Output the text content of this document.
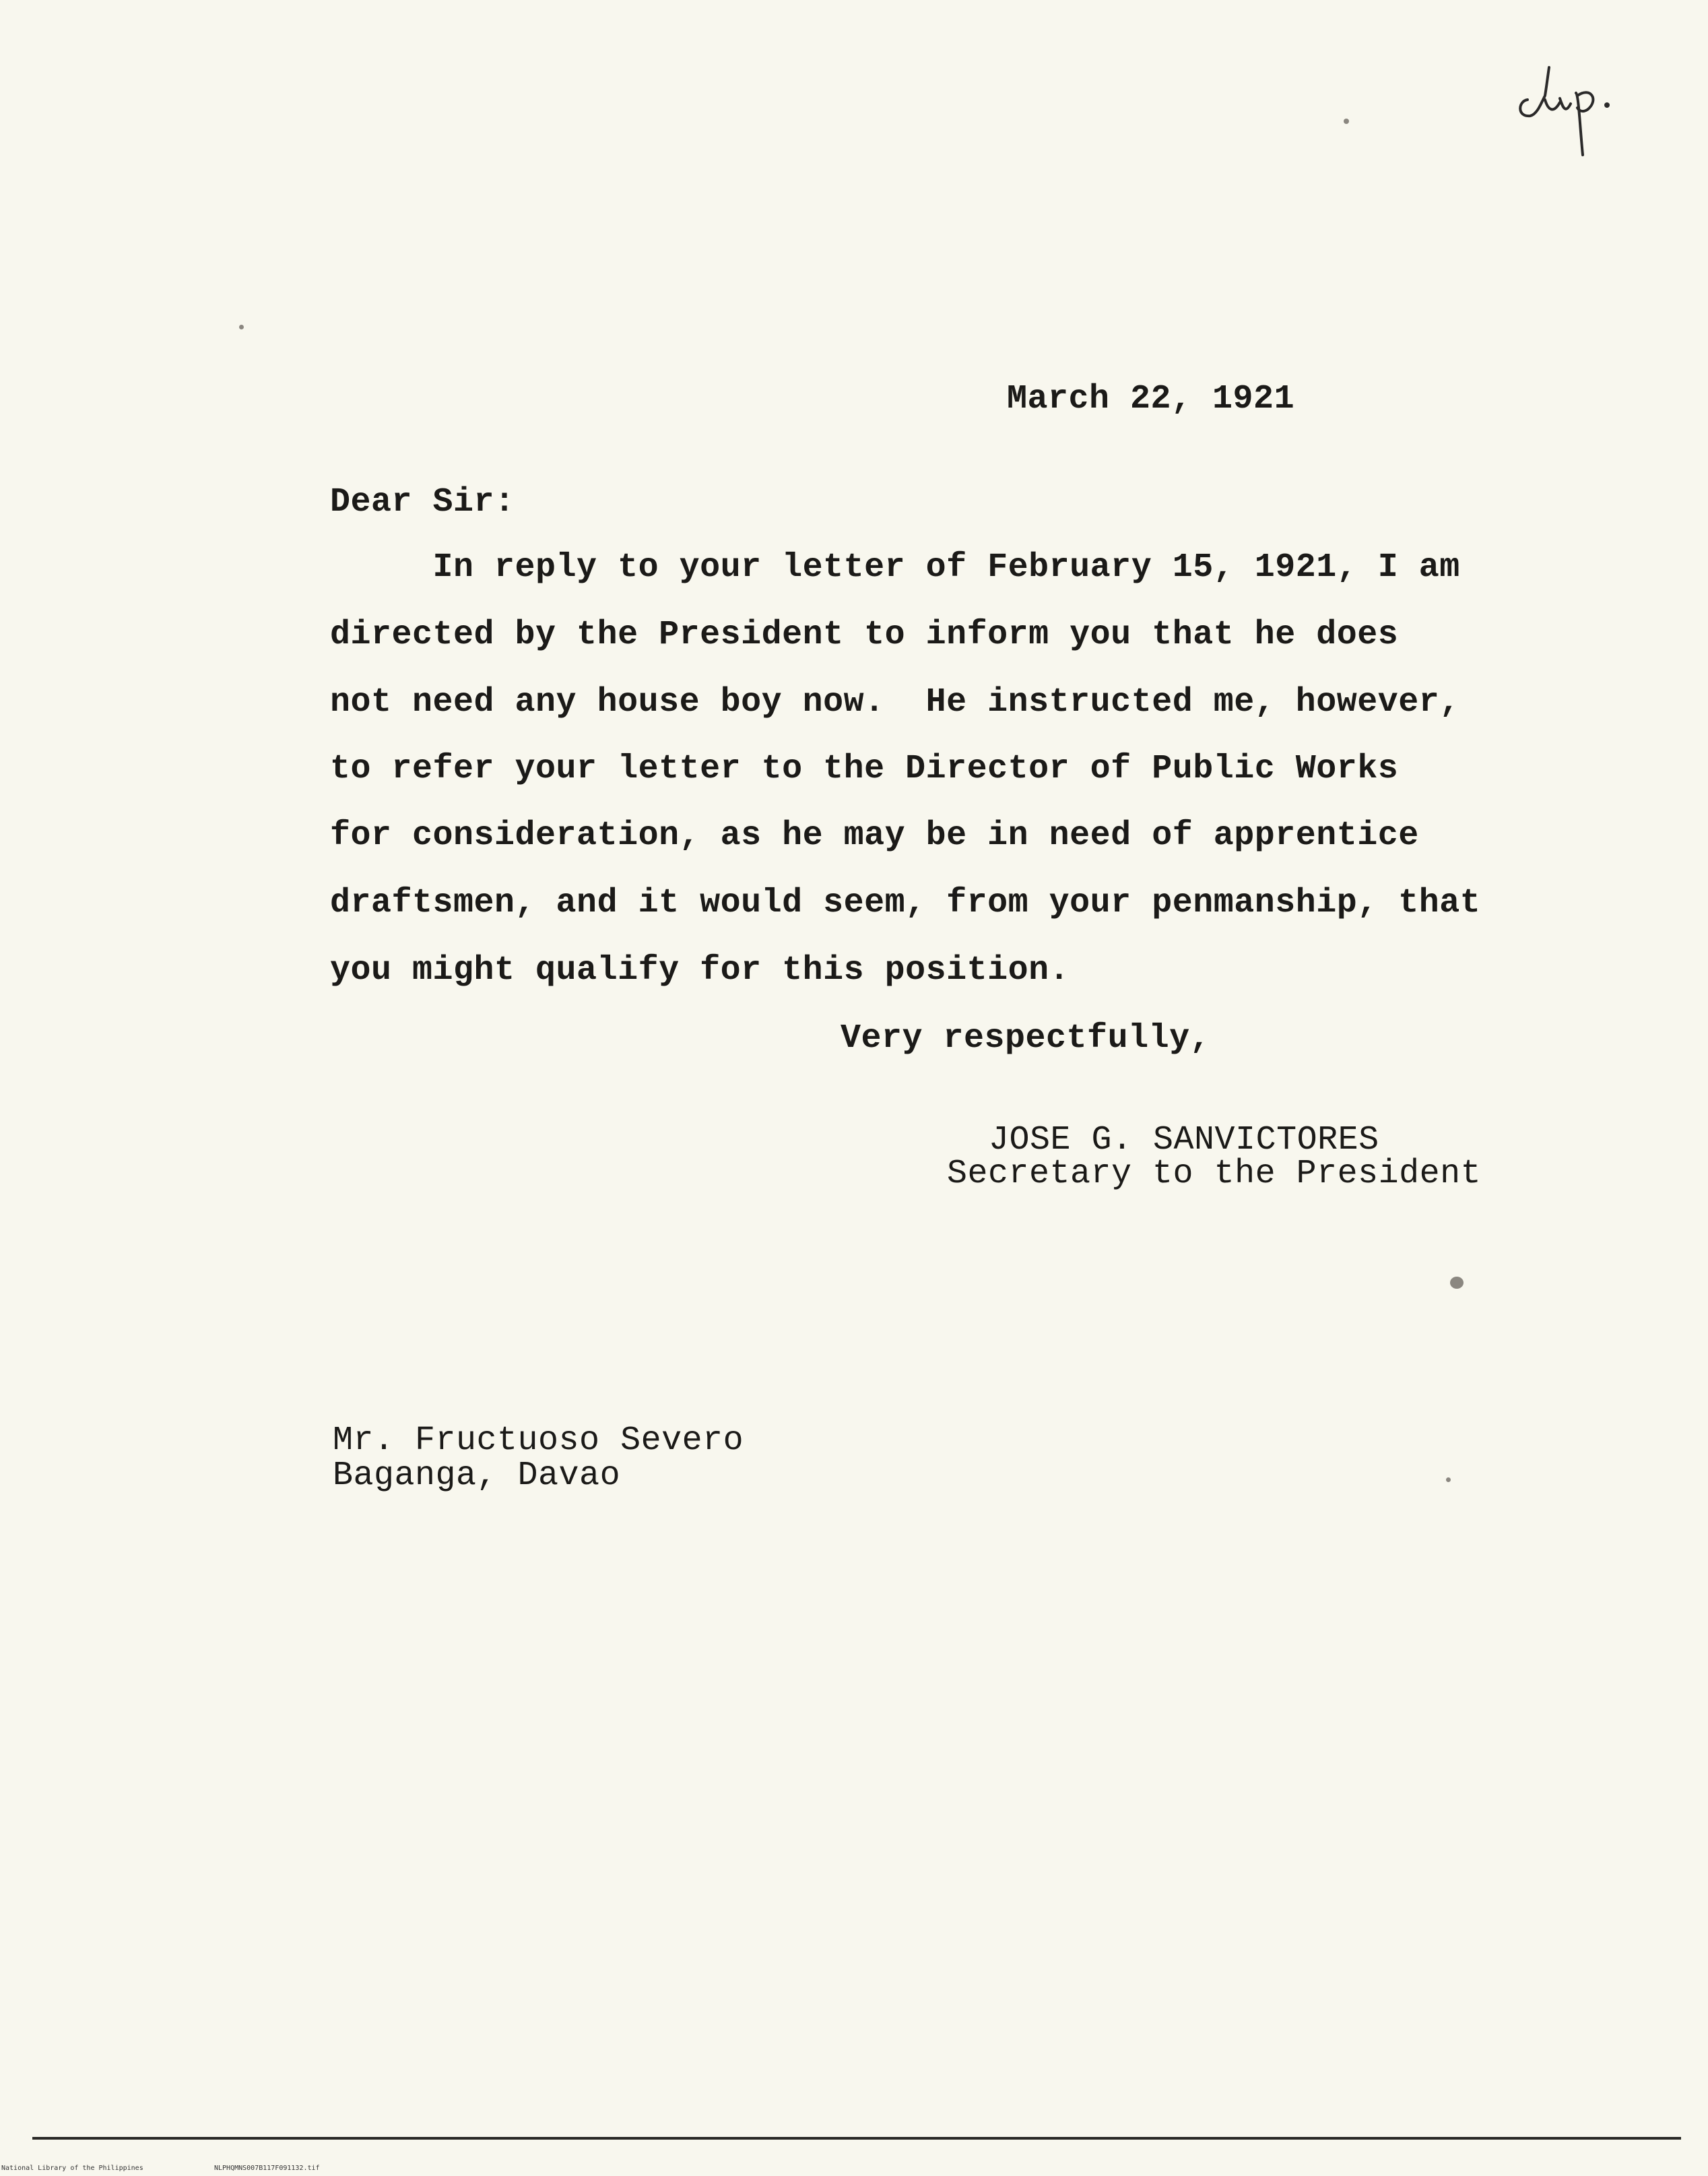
March 22, 1921
Dear Sir:
In reply to your letter of February 15, 1921, I am
directed by the President to inform you that he does
not need any house boy now.  He instructed me, however,
to refer your letter to the Director of Public Works
for consideration, as he may be in need of apprentice
draftsmen, and it would seem, from your penmanship, that
you might qualify for this position.
Very respectfully,
JOSE G. SANVICTORES
Secretary to the President
Mr. Fructuoso Severo
Baganga, Davao
National Library of the Philippines	NLPHQMNS007B117F091132.tif
